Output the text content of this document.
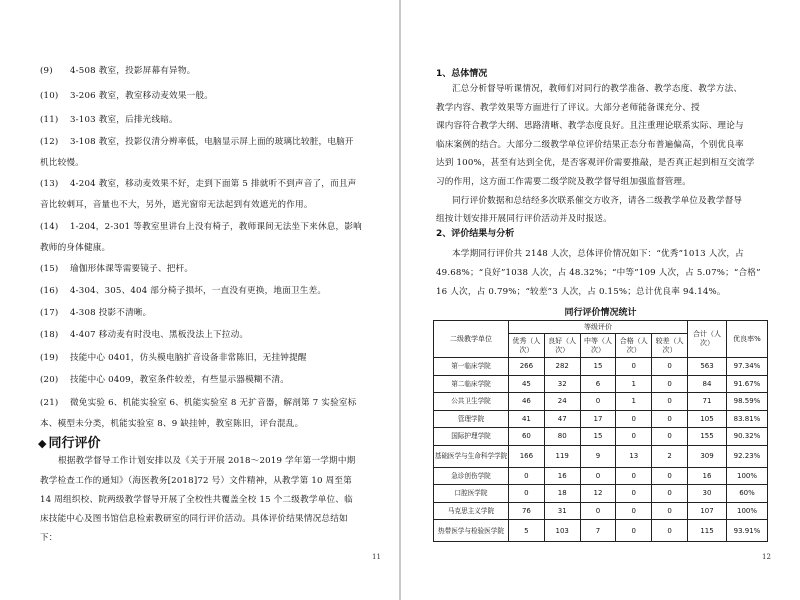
(9) 4-508 教室，投影屏幕有异物。
(10) 3-206 教室，教室移动麦效果一般。
(11) 3-103 教室，后排光线暗。
(12) 3-108 教室，投影仪清分辨率低，电脑显示屏上面的玻璃比较脏，电脑开
机比较慢。
(13) 4-204 教室，移动麦效果不好，走到下面第 5 排就听不到声音了，而且声
音比较刺耳，音量也不大，另外，遮光窗帘无法起到有效遮光的作用。
(14) 1-204，2-301 等教室里讲台上没有椅子，教师课间无法坐下来休息，影响
教师的身体健康。
(15) 瑜伽形体课等需要镜子、把杆。
(16) 4-304、305、404 部分椅子损坏，一直没有更换，地面卫生差。
(17) 4-308 投影不清晰。
(18) 4-407 移动麦有时没电、黑板没法上下拉动。
(19) 技能中心 0401，仿头模电脑扩音设备非常陈旧，无挂钟提醒
(20) 技能中心 0409，教室条件较差，有些显示器模糊不清。
(21) 微免实验 6、机能实验室 6、机能实验室 8 无扩音器，解剖第 7 实验室标
本、模型未分类，机能实验室 8、9 缺挂钟，教室陈旧，评台混乱。
◆ 同行评价
根据教学督导工作计划安排以及《关于开展 2018～2019 学年第一学期中期
教学检查工作的通知》（海医教务[2018]72 号）文件精神，从教学第 10 周至第
14 周组织校、院两级教学督导开展了全校性共覆盖全校 15 个二级教学单位、临
床技能中心及图书馆信息检索教研室的同行评价活动。具体评价结果情况总结如
下：
11	12
1、总体情况
汇总分析督导听课情况，教师们对同行的教学准备、教学态度、教学方法、
教学内容、教学效果等方面进行了评议。大部分老师能备课充分、授
课内容符合教学大纲、思路清晰、教学态度良好。且注重理论联系实际、理论与
临床案例的结合。大部分二级教学单位评价结果正态分布普遍偏高，个别优良率
达到 100%，甚至有达到全优，是否客观评价需要推敲，是否真正起到相互交流学
习的作用，这方面工作需要二级学院及教学督导组加强监督管理。
同行评价数据和总结经多次联系催交方收齐，请各二级教学单位及教学督导
组按计划安排开展同行评价活动并及时报送。
2、评价结果与分析
本学期同行评价共 2148 人次，总体评价情况如下：“优秀”1013 人次，占
49.68%；“良好”1038 人次，占 48.32%；“中等”109 人次，占 5.07%；“合格”
16 人次，占 0.79%；“较差”3 人次，占 0.15%；总计优良率 94.14%。
同行评价情况统计
二级教学单位	等级评价					合计（人次）	优良率%
	优秀（人次）	良好（人次）	中等（人次）	合格（人次）	较差（人次）		
第一临床学院	266	282	15	0	0	563	97.34%
第二临床学院	45	32	6	1	0	84	91.67%
公共卫生学院	46	24	0	1	0	71	98.59%
管理学院	41	47	17	0	0	105	83.81%
国际护理学院	60	80	15	0	0	155	90.32%
基础医学与生命科学学院	166	119	9	13	2	309	92.23%
急诊创伤学院	0	16	0	0	0	16	100%
口腔医学院	0	18	12	0	0	30	60%
马克思主义学院	76	31	0	0	0	107	100%
热带医学与检验医学院	5	103	7	0	0	115	93.91%
